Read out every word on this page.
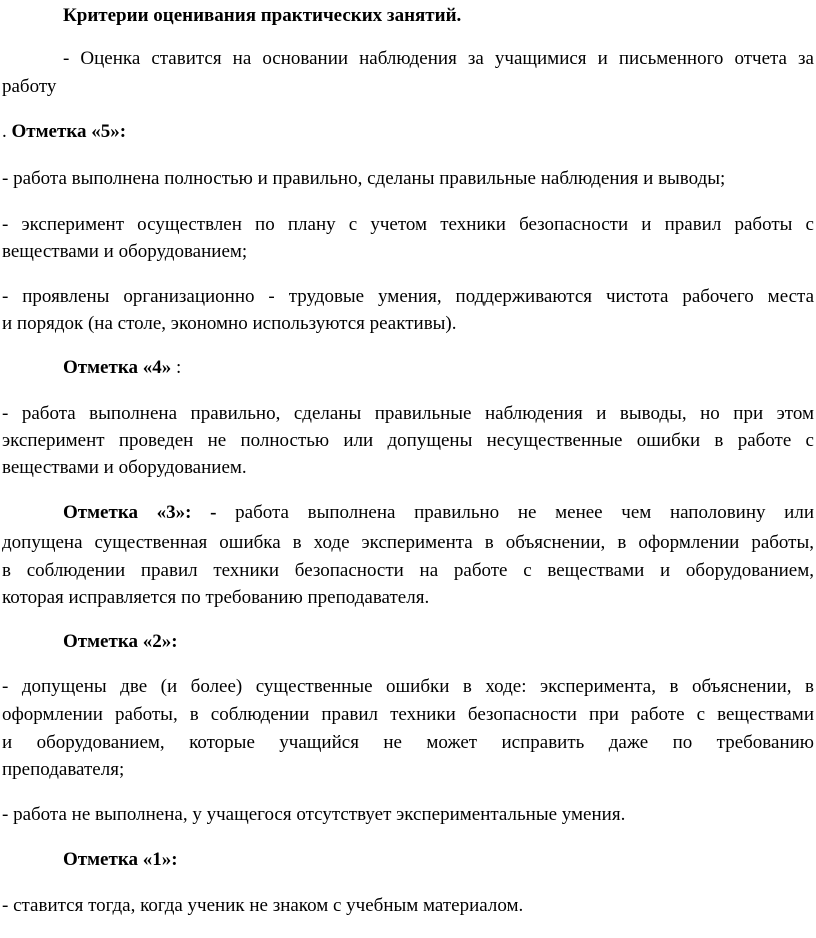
Критерии оценивания практических занятий.
- Оценка ставится на основании наблюдения за учащимися и письменного отчета за
работу
. Отметка «5»:
- работа выполнена полностью и правильно, сделаны правильные наблюдения и выводы;
- эксперимент осуществлен по плану с учетом техники безопасности и правил работы с
веществами и оборудованием;
- проявлены организационно - трудовые умения, поддерживаются чистота рабочего места
и порядок (на столе, экономно используются реактивы).
Отметка «4» :
- работа выполнена правильно, сделаны правильные наблюдения и выводы, но при этом
эксперимент проведен не полностью или допущены несущественные ошибки в работе с
веществами и оборудованием.
Отметка «3»: - работа выполнена правильно не менее чем наполовину или
допущена существенная ошибка в ходе эксперимента в объяснении, в оформлении работы,
в соблюдении правил техники безопасности на работе с веществами и оборудованием,
которая исправляется по требованию преподавателя.
Отметка «2»:
- допущены две (и более) существенные ошибки в ходе: эксперимента, в объяснении, в
оформлении работы, в соблюдении правил техники безопасности при работе с веществами
и оборудованием, которые учащийся не может исправить даже по требованию
преподавателя;
- работа не выполнена, у учащегося отсутствует экспериментальные умения.
Отметка «1»:
- ставится тогда, когда ученик не знаком с учебным материалом.
